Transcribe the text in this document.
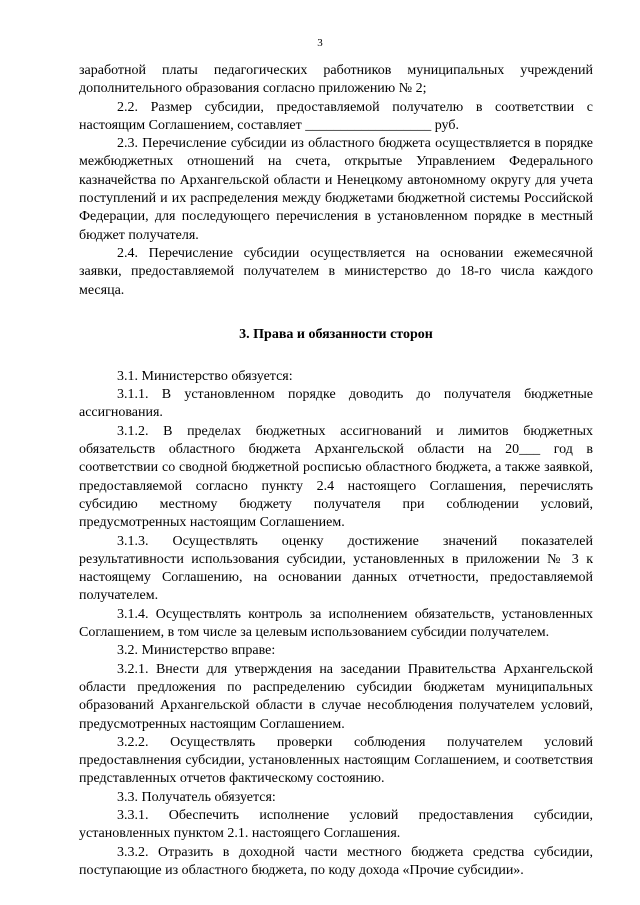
3

заработной платы педагогических работников муниципальных учреждений дополнительного образования согласно приложению № 2;

2.2. Размер субсидии, предоставляемой получателю в соответствии с настоящим Соглашением, составляет __________________ руб.

2.3. Перечисление субсидии из областного бюджета осуществляется в порядке межбюджетных отношений на счета, открытые Управлением Федерального казначейства по Архангельской области и Ненецкому автономному округу для учета поступлений и их распределения между бюджетами бюджетной системы Российской Федерации, для последующего перечисления в установленном порядке в местный бюджет получателя.

2.4. Перечисление субсидии осуществляется на основании ежемесячной заявки, предоставляемой получателем в министерство до 18-го числа каждого месяца.

3. Права и обязанности сторон

3.1. Министерство обязуется:

3.1.1. В установленном порядке доводить до получателя бюджетные ассигнования.

3.1.2. В пределах бюджетных ассигнований и лимитов бюджетных обязательств областного бюджета Архангельской области на 20___ год в соответствии со сводной бюджетной росписью областного бюджета, а также заявкой, предоставляемой согласно пункту 2.4 настоящего Соглашения, перечислять субсидию местному бюджету получателя при соблюдении условий, предусмотренных настоящим Соглашением.

3.1.3. Осуществлять оценку достижение значений показателей результативности использования субсидии, установленных в приложении № 3 к настоящему Соглашению, на основании данных отчетности, предоставляемой получателем.

3.1.4. Осуществлять контроль за исполнением обязательств, установленных Соглашением, в том числе за целевым использованием субсидии получателем.

3.2. Министерство вправе:

3.2.1. Внести для утверждения на заседании Правительства Архангельской области предложения по распределению субсидии бюджетам муниципальных образований Архангельской области в случае несоблюдения получателем условий, предусмотренных настоящим Соглашением.

3.2.2. Осуществлять проверки соблюдения получателем условий предоставлнения субсидии, установленных настоящим Соглашением, и соответствия представленных отчетов фактическому состоянию.

3.3. Получатель обязуется:

3.3.1. Обеспечить исполнение условий предоставления субсидии, установленных пунктом 2.1. настоящего Соглашения.

3.3.2. Отразить в доходной части местного бюджета средства субсидии, поступающие из областного бюджета, по коду дохода «Прочие субсидии».
